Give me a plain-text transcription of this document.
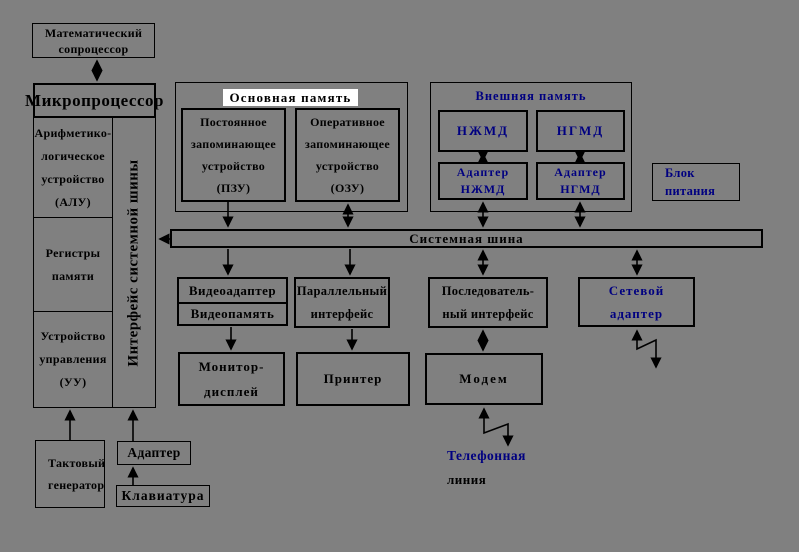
Математический
сопроцессор
Микропроцессор
Арифметико-
логическое
устройство
(АЛУ)
Регистры
памяти
Устройство
управления
(УУ)
Интерфейс системной шины
Основная память
Постоянное
запоминающее
устройство
(ПЗУ)
Оперативное
запоминающее
устройство
(ОЗУ)
Внешняя память
НЖМД	НГМД
Адаптер
НЖМД
Адаптер
НГМД
Блок
питания
Системная шина
Видеоадаптер
Видеопамять
Параллельный
интерфейс
Последователь-
ный интерфейс
Сетевой
адаптер
Монитор-
дисплей
Принтер	Модем
Тактовый
генератор
Адаптер
Клавиатура
Телефонная
линия
